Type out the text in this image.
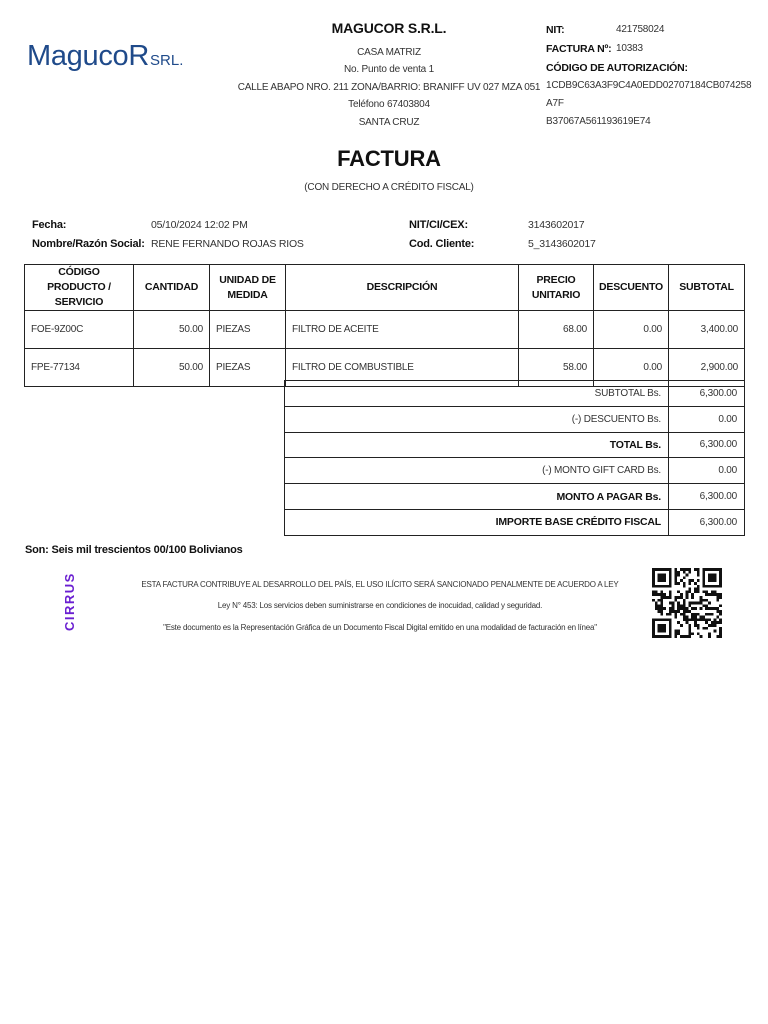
MagucoR SRL.
MAGUCOR S.R.L.
CASA MATRIZ
No. Punto de venta 1
CALLE ABAPO NRO. 211 ZONA/BARRIO: BRANIFF UV 027 MZA 051
Teléfono 67403804
SANTA CRUZ
NIT:	421758024
FACTURA Nº: 10383
CÓDIGO DE AUTORIZACIÓN:
1CDB9C63A3F9C4A0EDD02707184CB074258A7F
B37067A561193619E74
FACTURA
(CON DERECHO A CRÉDITO FISCAL)
Fecha:	05/10/2024 12:02 PM
Nombre/Razón Social: RENE FERNANDO ROJAS RIOS
NIT/CI/CEX:	3143602017
Cod. Cliente:	5_3143602017
CÓDIGO PRODUCTO / SERVICIO	CANTIDAD	UNIDAD DE MEDIDA	DESCRIPCIÓN	PRECIO UNITARIO	DESCUENTO	SUBTOTAL
FOE-9Z00C	50.00	PIEZAS	FILTRO DE ACEITE	68.00	0.00	3,400.00
FPE-77134	50.00	PIEZAS	FILTRO DE COMBUSTIBLE	58.00	0.00	2,900.00
SUBTOTAL Bs.	6,300.00
(-) DESCUENTO Bs.	0.00
TOTAL Bs.	6,300.00
(-) MONTO GIFT CARD Bs.	0.00
MONTO A PAGAR Bs.	6,300.00
IMPORTE BASE CRÉDITO FISCAL	6,300.00
Son: Seis mil trescientos 00/100 Bolivianos
CIRRUS	ESTA FACTURA CONTRIBUYE AL DESARROLLO DEL PAÍS, EL USO ILÍCITO SERÁ SANCIONADO PENALMENTE DE ACUERDO A LEY
Ley N° 453: Los servicios deben suministrarse en condiciones de inocuidad, calidad y seguridad.
"Este documento es la Representación Gráfica de un Documento Fiscal Digital emitido en una modalidad de facturación en línea"
